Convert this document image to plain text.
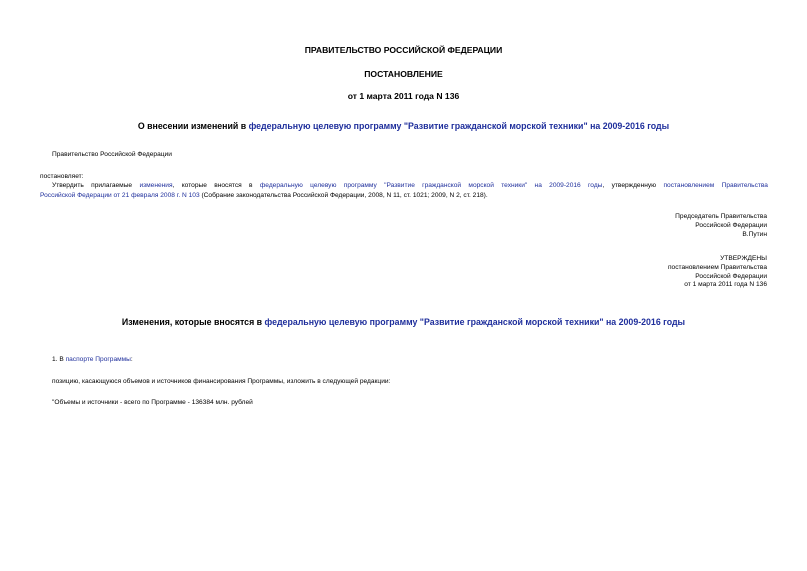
ПРАВИТЕЛЬСТВО РОССИЙСКОЙ ФЕДЕРАЦИИ
ПОСТАНОВЛЕНИЕ
от 1 марта 2011 года N 136
О внесении изменений в федеральную целевую программу "Развитие гражданской морской техники" на 2009-2016 годы
Правительство Российской Федерации
постановляет:
Утвердить прилагаемые изменения, которые вносятся в федеральную целевую программу "Развитие гражданской морской техники" на 2009-2016 годы, утвержденную постановлением Правительства
Российской Федерации от 21 февраля 2008 г. N 103 (Собрание законодательства Российской Федерации, 2008, N 11, ст. 1021; 2009, N 2, ст. 218).
Председатель Правительства
Российской Федерации
В.Путин
УТВЕРЖДЕНЫ
постановлением Правительства
Российской Федерации
от 1 марта 2011 года N 136
Изменения, которые вносятся в федеральную целевую программу "Развитие гражданской морской техники" на 2009-2016 годы
1. В паспорте Программы:
позицию, касающуюся объемов и источников финансирования Программы, изложить в следующей редакции:
"Объемы и источники - всего по Программе - 136384 млн. рублей
